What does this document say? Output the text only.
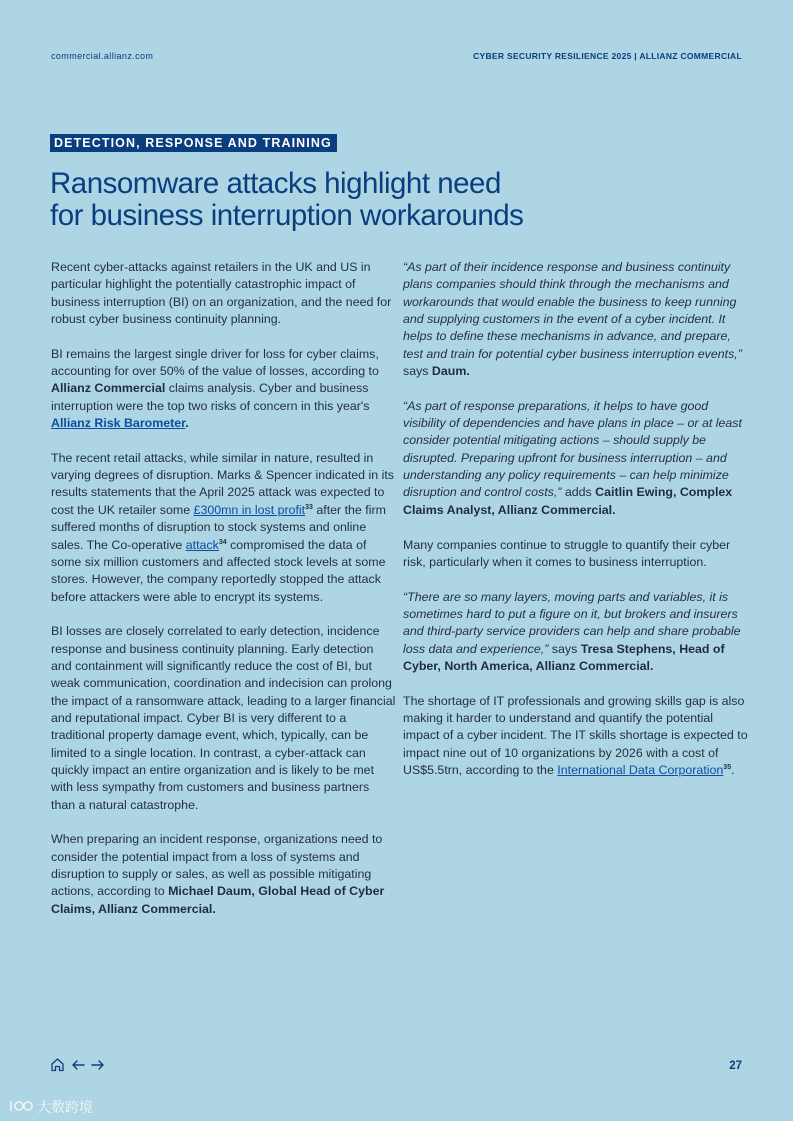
commercial.allianz.com	CYBER SECURITY RESILIENCE 2025 | ALLIANZ COMMERCIAL
DETECTION, RESPONSE AND TRAINING
Ransomware attacks highlight need
for business interruption workarounds

Recent cyber-attacks against retailers in the UK and US in particular highlight the potentially catastrophic impact of business interruption (BI) on an organization, and the need for robust cyber business continuity planning.

BI remains the largest single driver for loss for cyber claims, accounting for over 50% of the value of losses, according to Allianz Commercial claims analysis. Cyber and business interruption were the top two risks of concern in this year's Allianz Risk Barometer.

The recent retail attacks, while similar in nature, resulted in varying degrees of disruption. Marks & Spencer indicated in its results statements that the April 2025 attack was expected to cost the UK retailer some £300mn in lost profit$^{33}$ after the firm suffered months of disruption to stock systems and online sales. The Co-operative attack$^{34}$ compromised the data of some six million customers and affected stock levels at some stores. However, the company reportedly stopped the attack before attackers were able to encrypt its systems.

BI losses are closely correlated to early detection, incidence response and business continuity planning. Early detection and containment will significantly reduce the cost of BI, but weak communication, coordination and indecision can prolong the impact of a ransomware attack, leading to a larger financial and reputational impact. Cyber BI is very different to a traditional property damage event, which, typically, can be limited to a single location. In contrast, a cyber-attack can quickly impact an entire organization and is likely to be met with less sympathy from customers and business partners than a natural catastrophe.

When preparing an incident response, organizations need to consider the potential impact from a loss of systems and disruption to supply or sales, as well as possible mitigating actions, according to Michael Daum, Global Head of Cyber Claims, Allianz Commercial.

“As part of their incidence response and business continuity plans companies should think through the mechanisms and workarounds that would enable the business to keep running and supplying customers in the event of a cyber incident. It helps to define these mechanisms in advance, and prepare, test and train for potential cyber business interruption events,” says Daum.

“As part of response preparations, it helps to have good visibility of dependencies and have plans in place – or at least consider potential mitigating actions – should supply be disrupted. Preparing upfront for business interruption – and understanding any policy requirements – can help minimize disruption and control costs,” adds Caitlin Ewing, Complex Claims Analyst, Allianz Commercial.

Many companies continue to struggle to quantify their cyber risk, particularly when it comes to business interruption.

“There are so many layers, moving parts and variables, it is sometimes hard to put a figure on it, but brokers and insurers and third-party service providers can help and share probable loss data and experience,” says Tresa Stephens, Head of Cyber, North America, Allianz Commercial.

The shortage of IT professionals and growing skills gap is also making it harder to understand and quantify the potential impact of a cyber incident. The IT skills shortage is expected to impact nine out of 10 organizations by 2026 with a cost of US$5.5trn, according to the International Data Corporation$^{35}$.

27
大数跨境
